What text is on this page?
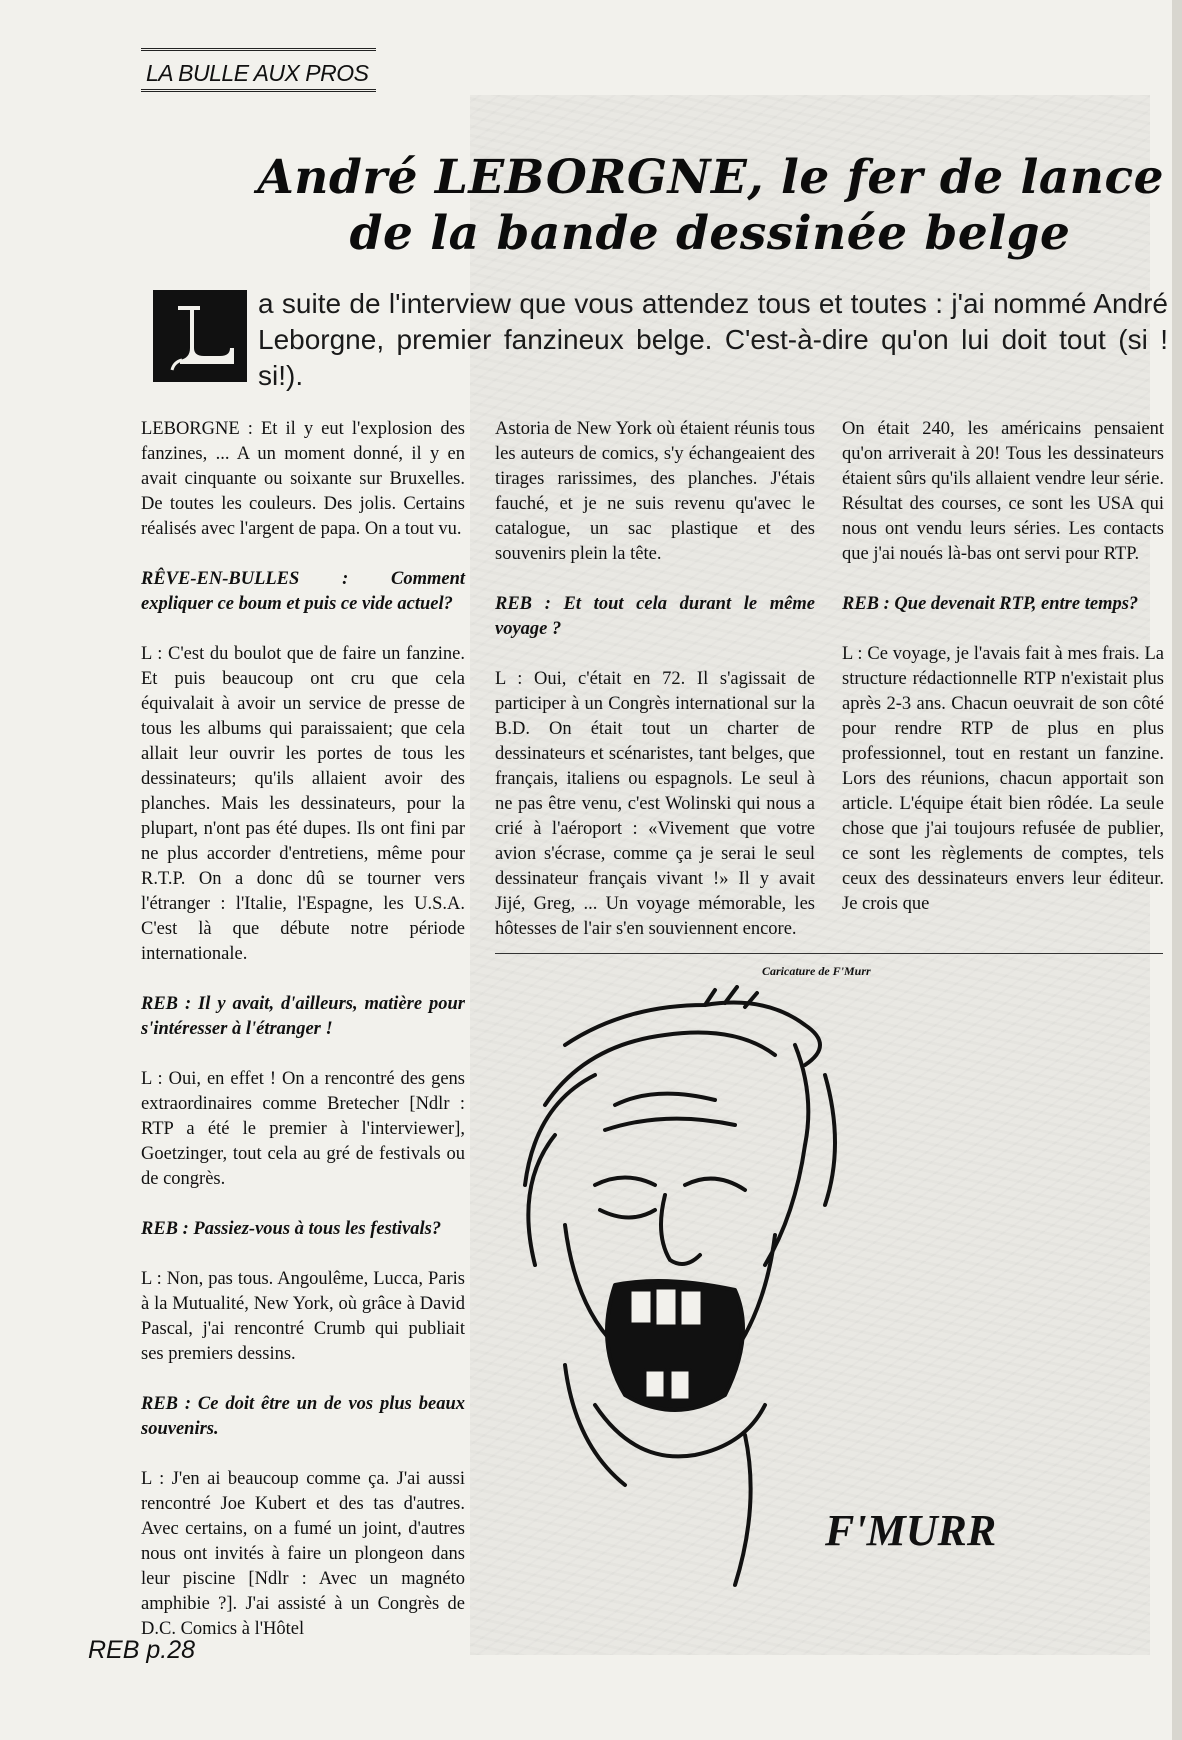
LA BULLE AUX PROS
André LEBORGNE, le fer de lance
de la bande dessinée belge
a suite de l'interview que vous attendez tous et toutes : j'ai nommé André Leborgne, premier fanzineux belge. C'est-à-dire qu'on lui doit tout (si ! si!).

LEBORGNE : Et il y eut l'explosion des fanzines, ... A un moment donné, il y en avait cinquante ou soixante sur Bruxelles. De toutes les couleurs. Des jolis. Certains réalisés avec l'argent de papa. On a tout vu.

RÊVE-EN-BULLES : Comment expliquer ce boum et puis ce vide actuel?

L : C'est du boulot que de faire un fanzine. Et puis beaucoup ont cru que cela équivalait à avoir un service de presse de tous les albums qui paraissaient; que cela allait leur ouvrir les portes de tous les dessinateurs; qu'ils allaient avoir des planches. Mais les dessinateurs, pour la plupart, n'ont pas été dupes. Ils ont fini par ne plus accorder d'entretiens, même pour R.T.P. On a donc dû se tourner vers l'étranger : l'Italie, l'Espagne, les U.S.A. C'est là que débute notre période internationale.

REB : Il y avait, d'ailleurs, matière pour s'intéresser à l'étranger !

L : Oui, en effet ! On a rencontré des gens extraordinaires comme Bretecher [Ndlr : RTP a été le premier à l'interviewer], Goetzinger, tout cela au gré de festivals ou de congrès.

REB : Passiez-vous à tous les festivals?

L : Non, pas tous. Angoulême, Lucca, Paris à la Mutualité, New York, où grâce à David Pascal, j'ai rencontré Crumb qui publiait ses premiers dessins.

REB : Ce doit être un de vos plus beaux souvenirs.

L : J'en ai beaucoup comme ça. J'ai aussi rencontré Joe Kubert et des tas d'autres. Avec certains, on a fumé un joint, d'autres nous ont invités à faire un plongeon dans leur piscine [Ndlr : Avec un magnéto amphibie ?]. J'ai assisté à un Congrès de D.C. Comics à l'Hôtel

Astoria de New York où étaient réunis tous les auteurs de comics, s'y échangeaient des tirages rarissimes, des planches. J'étais fauché, et je ne suis revenu qu'avec le catalogue, un sac plastique et des souvenirs plein la tête.

REB : Et tout cela durant le même voyage ?

L : Oui, c'était en 72. Il s'agissait de participer à un Congrès international sur la B.D. On était tout un charter de dessinateurs et scénaristes, tant belges, que français, italiens ou espagnols. Le seul à ne pas être venu, c'est Wolinski qui nous a crié à l'aéroport : «Vivement que votre avion s'écrase, comme ça je serai le seul dessinateur français vivant !» Il y avait Jijé, Greg, ... Un voyage mémorable, les hôtesses de l'air s'en souviennent encore.

On était 240, les américains pensaient qu'on arriverait à 20! Tous les dessinateurs étaient sûrs qu'ils allaient vendre leur série. Résultat des courses, ce sont les USA qui nous ont vendu leurs séries. Les contacts que j'ai noués là-bas ont servi pour RTP.

REB : Que devenait RTP, entre temps?

L : Ce voyage, je l'avais fait à mes frais. La structure rédactionnelle RTP n'existait plus après 2-3 ans. Chacun oeuvrait de son côté pour rendre RTP de plus en plus professionnel, tout en restant un fanzine. Lors des réunions, chacun apportait son article. L'équipe était bien rôdée. La seule chose que j'ai toujours refusée de publier, ce sont les règlements de comptes, tels ceux des dessinateurs envers leur éditeur. Je crois que

Caricature de F'Murr
F'MURR
REB p.28
